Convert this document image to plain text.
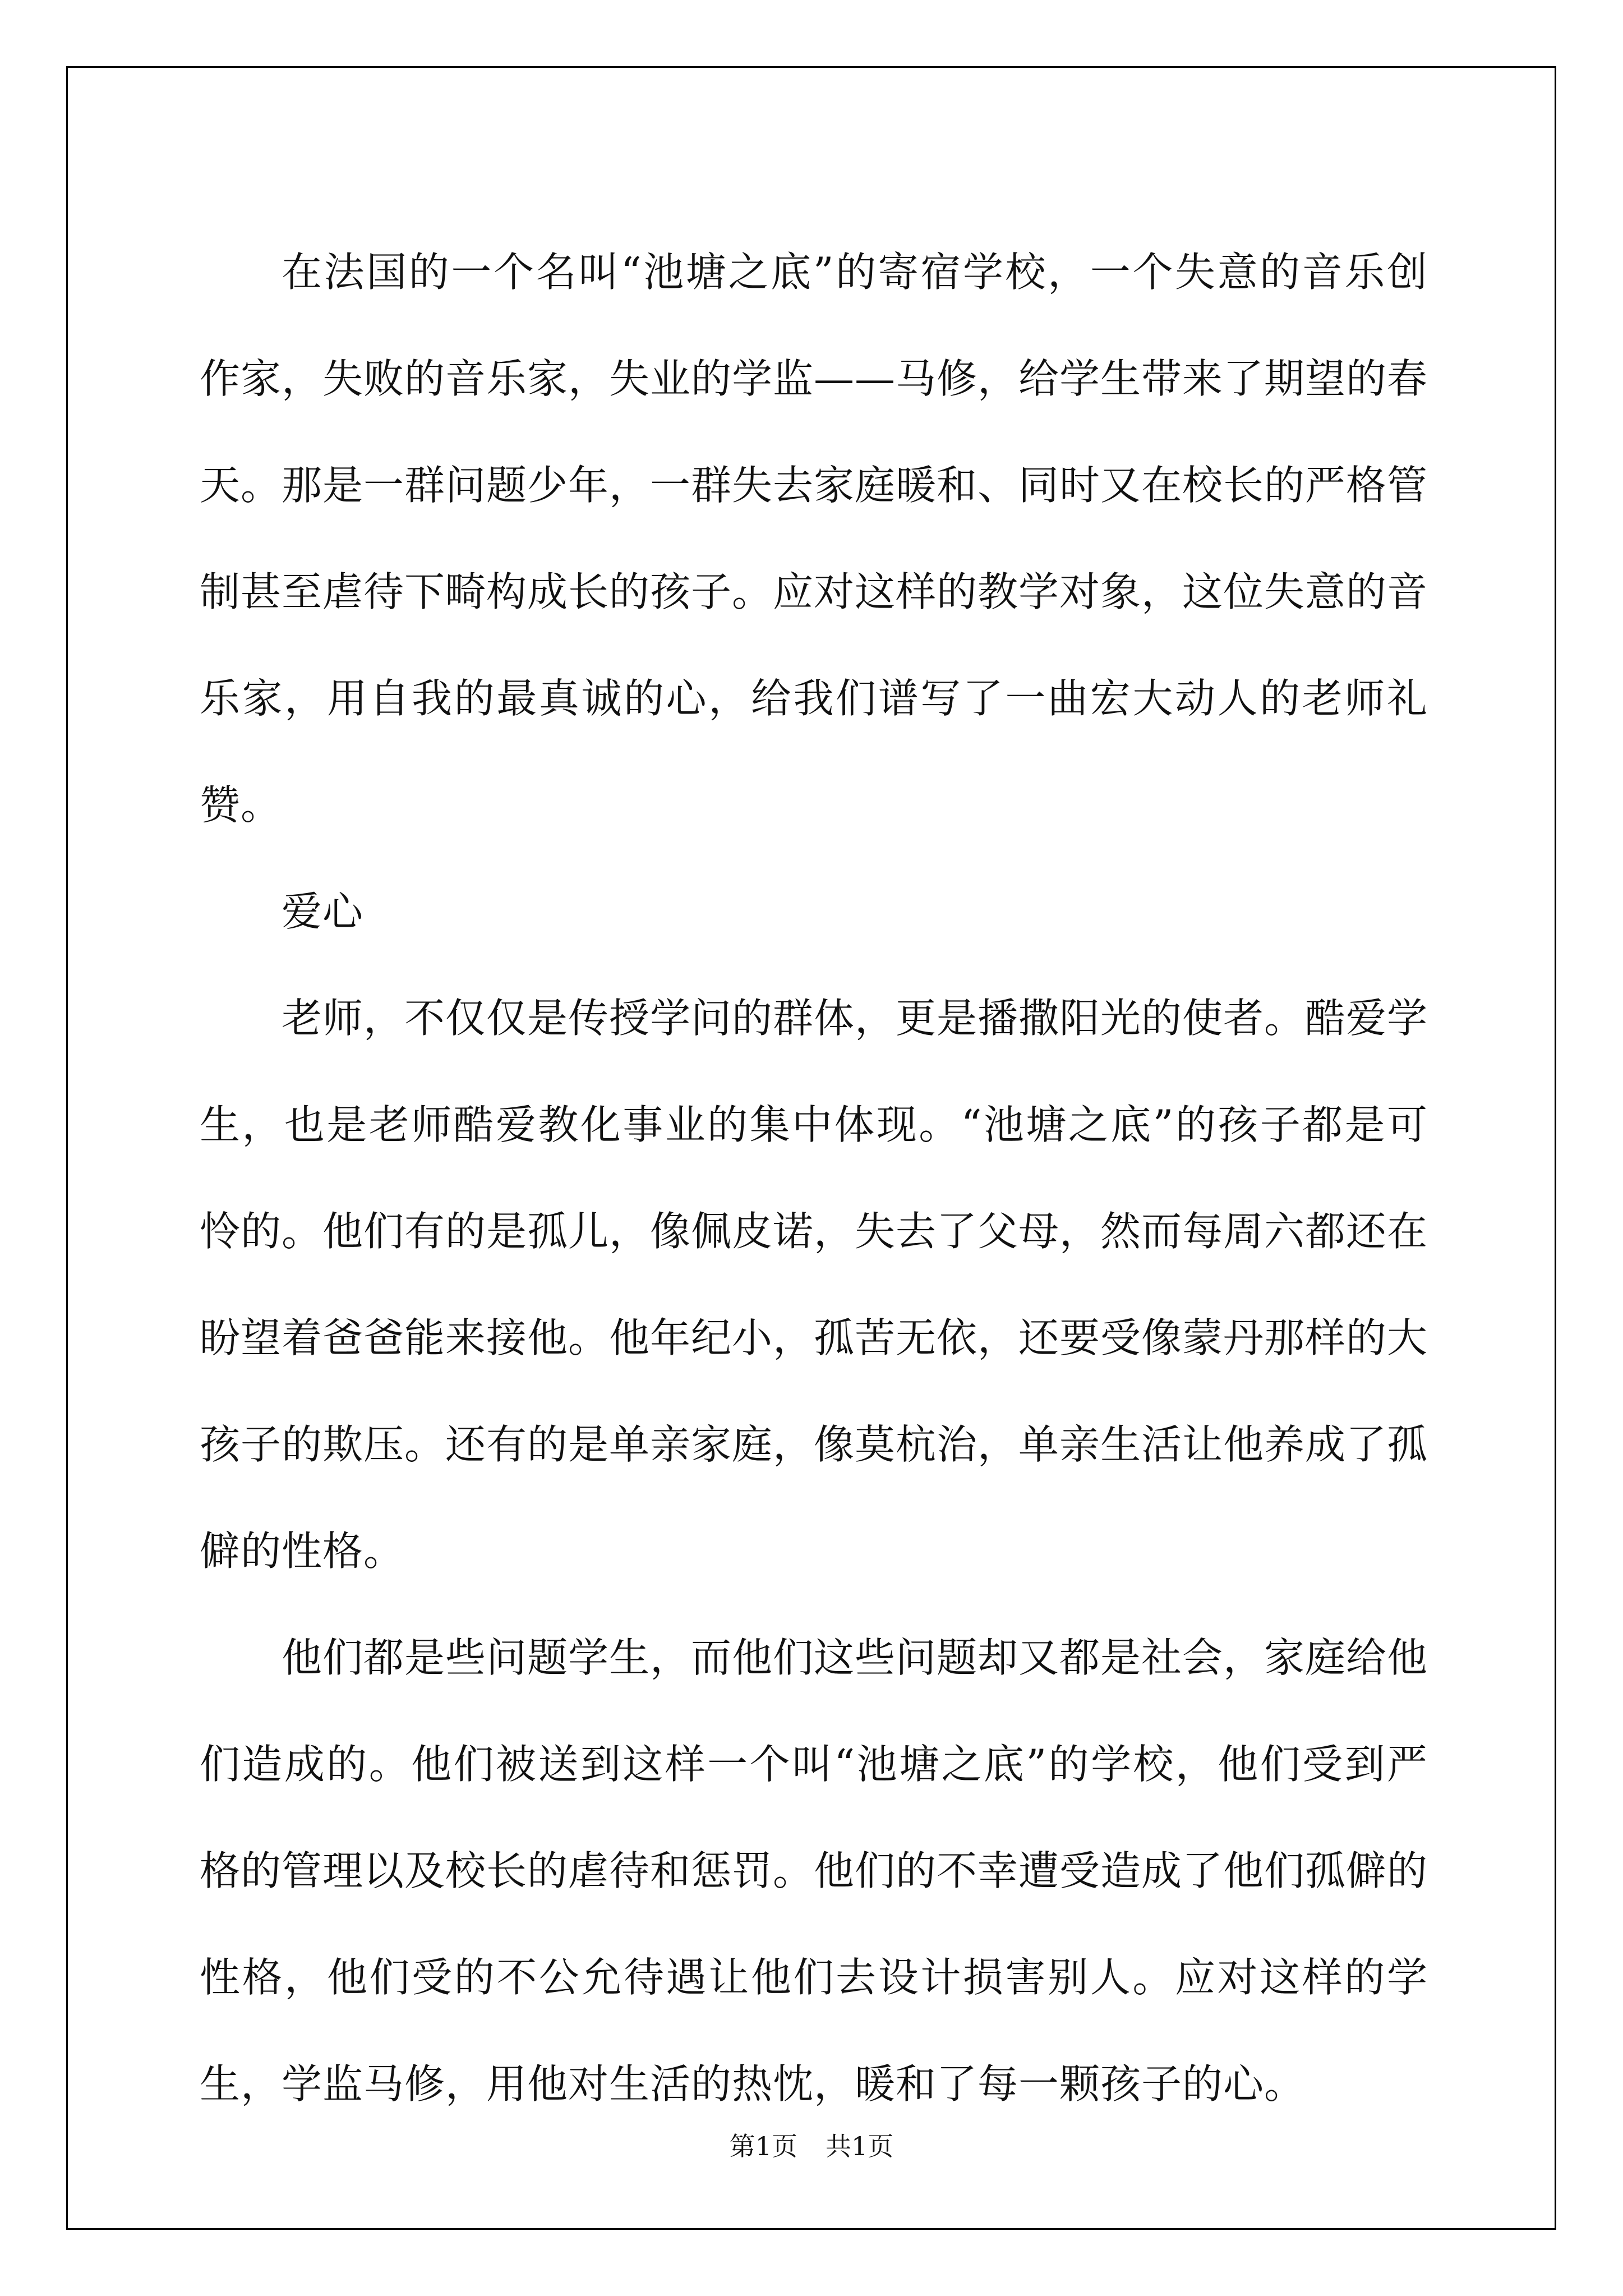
在法国的一个名叫“池塘之底”的寄宿学校，一个失意的音乐创作家，失败的音乐家，失业的学监——马修，给学生带来了期望的春天。那是一群问题少年，一群失去家庭暖和、同时又在校长的严格管制甚至虐待下畸构成长的孩子。应对这样的教学对象，这位失意的音乐家，用自我的最真诚的心，给我们谱写了一曲宏大动人的老师礼赞。

爱心

老师，不仅仅是传授学问的群体，更是播撒阳光的使者。酷爱学生，也是老师酷爱教化事业的集中体现。“池塘之底”的孩子都是可怜的。他们有的是孤儿，像佩皮诺，失去了父母，然而每周六都还在盼望着爸爸能来接他。他年纪小，孤苦无依，还要受像蒙丹那样的大孩子的欺压。还有的是单亲家庭，像莫杭治，单亲生活让他养成了孤僻的性格。

他们都是些问题学生，而他们这些问题却又都是社会，家庭给他们造成的。他们被送到这样一个叫“池塘之底”的学校，他们受到严格的管理以及校长的虐待和惩罚。他们的不幸遭受造成了他们孤僻的性格，他们受的不公允待遇让他们去设计损害别人。应对这样的学生，学监马修，用他对生活的热忱，暖和了每一颗孩子的心。

第1页 共1页
